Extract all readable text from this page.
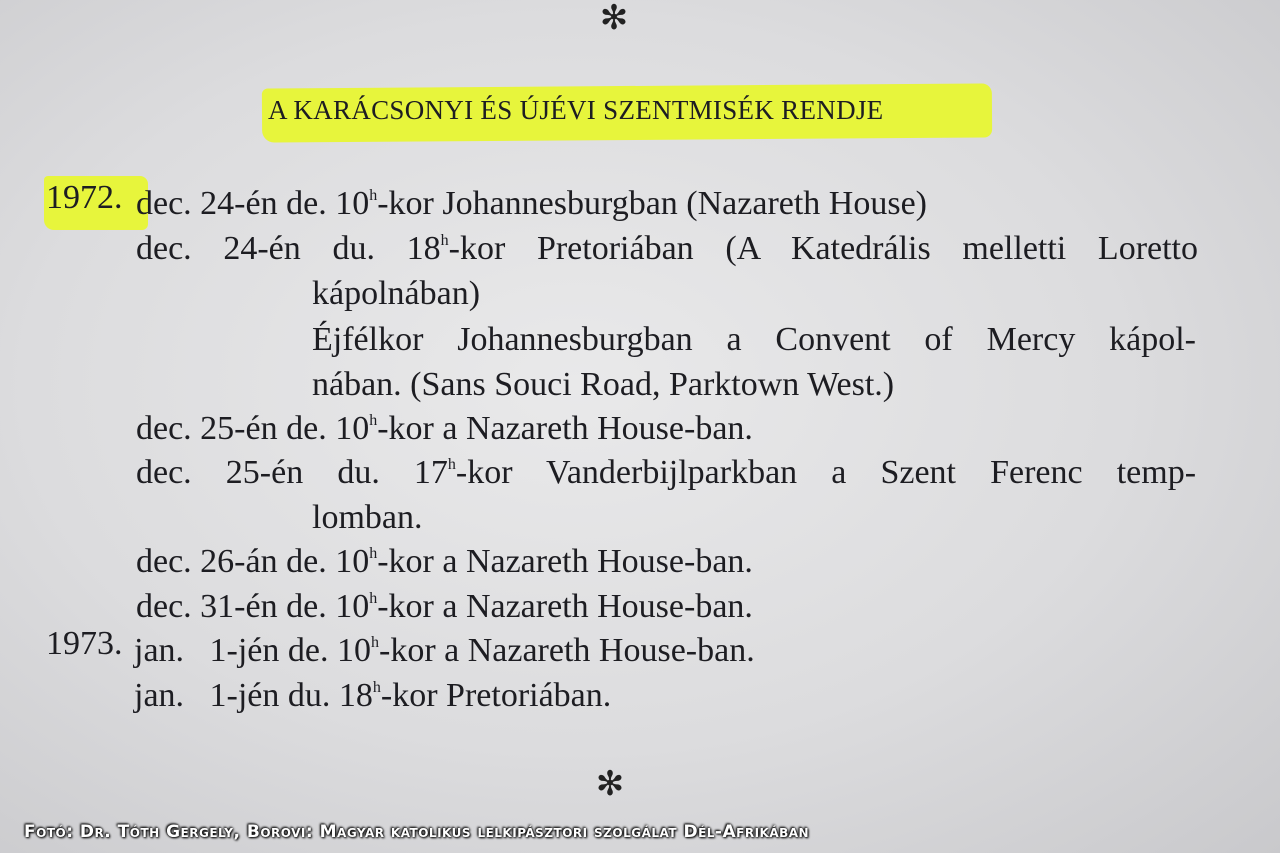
✻
A KARÁCSONYI ÉS ÚJÉVI SZENTMISÉK RENDJE
1972.
1973.
dec. 24-én de. 10$^h$-kor Johannesburgban (Nazareth House)
dec. 24-én du. 18$^h$-kor Pretoriában (A Katedrális melletti Loretto
kápolnában)
Éjfélkor Johannesburgban a Convent of Mercy kápol-
nában. (Sans Souci Road, Parktown West.)
dec. 25-én de. 10$^h$-kor a Nazareth House-ban.
dec. 25-én du. 17$^h$-kor Vanderbijlparkban a Szent Ferenc temp-
lomban.
dec. 26-án de. 10$^h$-kor a Nazareth House-ban.
dec. 31-én de. 10$^h$-kor a Nazareth House-ban.
jan.   1-jén de. 10$^h$-kor a Nazareth House-ban.
jan.   1-jén du. 18$^h$-kor Pretoriában.
✻
Fotó: Dr. Tóth Gergely, Borovi: Magyar katolikus lelkipásztori szolgálat Dél-Afrikában
